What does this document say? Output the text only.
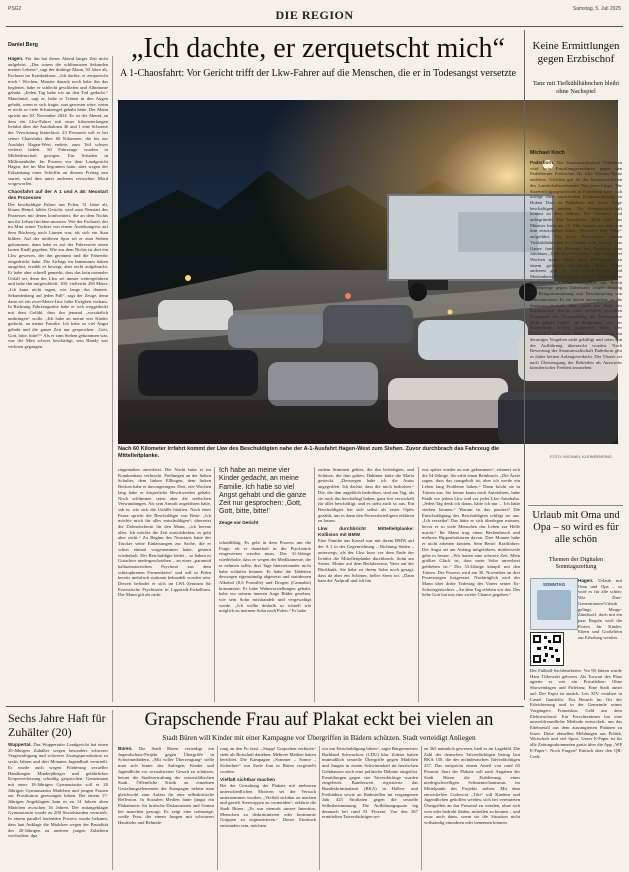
PSG2	DIE REGION	Samstag, 5. Juli 2025
Daniel Berg	„Ich dachte, er zerquetscht mich“
A 1-Chaosfahrt: Vor Gericht trifft der Lkw-Fahrer auf die Menschen, die er in Todesangst versetzte

Hagen. Für ihn hat dieser Abend langer Zeit nicht aufgehört. „Das waren die schlimmsten Sekunden meines Lebens“, sagt der drahtige Mann, 50 Jahre alt, Facharzt im Krankenhaus. „Ich dachte, er zerquetscht mich.“ Wochen, Monate danach noch habe ihn das begleitet, habe er schlecht geschlafen und Albträume gehabt. „Jeden Tag habe ich an den Tod gedacht.“ Manchmal, sagt er, habe er Tränen in den Augen gehabt, wenn er sich fragte, was gewesen wäre, wenn er nicht so viele Schutzengel gehabt hätte. Der Mann spricht am 30. November 2024. Es ist der Abend, an dem ein Lkw-Fahrer mit einer kilometerlangen Irrfahrt über die Autobahnen 46 und 1 eine Schneise der Verwüstung hinterlässt. 23 Personen soll er bei seiner Chaosfahrt über 60 Kilometer, die bis zur Ausfahrt Hagen-West endete, zum Teil schwer verletzt haben. 50 Fahrzeuge wurden in Mitleidenschaft gezogen. Ein Schaden in Millionenhöhe. Im Prozess vor dem Landgericht Hagen, der im Mai begonnen hatte, aber wegen der Erkrankung einer Schöffin an diesem Freitag neu startet, wird ihm unter anderem versuchter Mord vorgeworfen.

Chaosfahrt auf der A 1 und A 46: Neustart des Prozesses

Der beschuldigte Fahrer aus Polen, 31 Jahre alt, blaues Hemd, fahles Gesicht, wird zum Neustart des Prozesses mit denen konfrontiert, die an dem Nichts um ihr Leben fürchten mussten. Wie der Facharzt, der im Mini seiner Tochter von einem Ärztekongress auf dem Rückweg nach Linnen war, als sich ein Stau bildete. Auf der mittleren Spur sei er zum Stehen gekommen, dann habe es auf der Fahrerseite einen lauten Knall gegeben. Wie aus dem Nichts ist dort ein Lkw gewesen, der ihn gerammt und die Fahrertür eingedrückt habe. Die Airbags im Innenraum hätten ausgelöst, erzählt er bewegt, aber nicht aufgebracht. Er habe aber schnell gemerkt, dass das kein normaler Unfall sei, denn der Lkw sei immer weitergefahren und habe ihn mitgeschleift, 100, vielleicht 200 Meter. „Ich kann nicht sagen, wie lange das dauerte. Sekundenlang auf jeden Fall“, sagt der Zeuge, denn dann sei ein zwei-Meter-Lkw höhe Ewigkeit vorkam. In Richtung Fahrzeugmitte habe er sich weggeduckt mit dem Gefühl, dass ihn jemand „vorsätzlich umbringen“ wolle. „Ich habe an meine vier Kinder gedacht, an meine Familie. Ich habe so viel Angst gehabt und die ganze Zeit nur gesprochen: ‚Gott, Gott, bitte, bitte!‘“ Als er zum Stehen gekommen war, war der Mini schwer beschädigt, sein Handy war verloren gegangen.

Nach 60 Kilometer Irrfahrt kommt der Lkw des Beschuldigten nahe der A-1-Ausfahrt Hagen-West zum Stehen. Zuvor durchbrach das Fahrzeug die Mittelleitplanke.	FOTO: MICHAEL KLEINRENSING
ringemaßen unverletzt. Die Nacht habe er im Krankenhaus verbracht. Prellungen an der linken Schulter, dem linken Ellbogen, dem linken Becken habe er davongetragen. Drei, vier Wochen lang habe er körperliche Beschwerden gehabt. Noch schlimmer seien aber die seelischen Verwundungen. Als sein Anwalt angefahren hatte, sah er, wie sich die Unfälle häuften. Nach einer Pause spricht der Beschuldigte von Reue: „Ich möchte mich für alles entschuldigen“, übersetzt die Dolmetscherin für den Mann, „ich bereue alles. Ich möchte die Zeit zurückdrehen, es geht aber nicht.“ Zu Beginn des Neustarts hatte der Trucker seine Einlassungen zur Sache, die er schon einmal vorgenommen hatte, gestern wiederholt. Der Beschuldigte leidet – so haben es Gutachter niedergeschrieben – an einer „paranoid halluzinatorischen Psychose aus dem schizophrenen Formenkreis“ und soll in Polen bereits mehrfach stationär behandelt worden sein. Derzeit befindet er sich im LWL-Zentrum für Forensische Psychiatrie in Lippstadt-Eickelborn. Der Mann gilt als nicht
Ich habe an meine vier Kinder gedacht, an meine Familie. Ich habe so viel Angst gehabt und die ganze Zeit nur gesprochen: ‚Gott, Gott, bitte, bitte!‘
Zeuge vor Gericht
schuldfähig. Es geht in dem Prozess um die Frage, ob er dauerhaft in die Psychiatrie eingewiesen werden muss. Der 31-Jährige wiederholte, dass er wegen der Medikamente, die er nehmen sollte, drei Tage hintereinander nicht habe schlafen können. Er habe die Tabletten deswegen eigenständig abgesetzt und stattdessen Alkohol (0,6 Promille) und Drogen (Cannabis) konsumiert. Er habe Wahnvorstellungen gehabt, habe vor seinem inneren Auge Bilder gesehen, wie sein Sohn misshandelt und vergewaltigt werde. „Ich wollte deshalb so schnell wie möglich zu meinem Sohn nach Polen.“ Er habe

zudem Stimmen gehört, die ihn beleidigten, und Schüsse, die ihm galten. Dahinter hätte die Mafia gesteckt. „Deswegen habe ich die Autos angegriffen. Ich dachte, dass die mich bedrohen.“ Die, die ihm angeblich bedrohten, sind am Tag, als sie noch ihn beschäftigt haben, ganz frei verwickelt für alles beschäftigt, und es sieht auch so aus. Ein Beschuldigter hat sich selbst als erster Opfer gezählt, um es dann den Prozessbeteiligten erklären zu lassen.

Lkw durchbricht Mittelleitplanke: Kollision mit BMW

Eine Familie aus Kassel war mit ihrem BMW auf der A 1 in der Gegenrichtung – Richtung Süden – unterwegs, als der Lkw kurz vor dem Ende der Irrfahrt die Mittelleitplanke durchbrach. Sohn am Steuer, Mutter auf dem Beifahrersitz, Vater auf der Rückbank. Sie habe zu ihrem Sohn noch gesagt, dass da aber ein Schöner, heller Stern sei. „Dann kam der Aufprall und ich bin

erst später wieder zu mir gekommen“, erinnert sich die 54-Jährige. Sie erlitt einen Beinbruch. „Die Ärzte sagen, dass das rausgeholt ist, aber ich werde ein Leben lang Probleme haben.“ Dann bricht sie in Tränen aus: Sie könne kaum noch Autofahren, habe Panik vor jedem Lkw und vor jeder Lkw-Autobahn. „Jeden Tag denk ich daran, hätte ich nur ... Ich hätte sterben können.“ Warum ist das passiert? Die Entschuldigung des Beschuldigten schlägt sie aus. „Ich verzeihe! Das hätte er sich überlegen müssen, bevor er so viele Menschen das Leben zur Hölle macht.“ Ihr Mann trug einen Beckenbruch und mehrere Rippenfrakturen davon. Drei Monate habe er nicht arbeiten können. Sein Beruf: Kraftfahrer. Die Angst sei am Anfang mitgefahren, mittlerweile gehe es besser. „Wir hatten eine schwere Zeit. Mein größtes Glück ist, dass mein Sohn unverletzt geblieben ist.“ Der 53-Jährige kämpft mit den Tränen. Der Prozess wird am 30. November an drei Prozesstagen fortgesetzt. Nachträglich wird der Mann über dritte Todestag des Vaters seiner Ex-Schwiegertochter. „An dem Tag erleben wir das. Der liebe Gott hat uns eine zweite Chance gegeben.“
Keine Ermittlungen gegen Erzbischof
Tanz mit Tiefkühlhähnchen bleibt ohne Nachspiel
Michael Koch

Paderborn. Die Staatsanwaltschaft Paderborn wird kein Ermittlungsverfahren gegen den Paderborner Erzbischof Dr. Udo Markus Bentz einleiten. Gleiches gilt für die Verantwortlichen des Landschaftsverbandes Westfalen-Lippe. Die Strafverfolgungsbehörde in Paderborn hatte sich infolge einer umstrittenen Kulturdarbietung im Hohen Dom zu Paderborn mit dieser Frage beschäftigen müssen. Die Staatsanwaltschaft kommt zu dem Schluss: Die Vorwürfe sind unbegründet. Das Tanztheater „Body Talk“ aus Münster hatte am 15. Mai Szenen aus dem von ihm entwickelten Stück „Westfalen Side Story“ aufgeführt. Bei dieser Performance kamen Tiefkühlhähnchen in Windeln zum Einsatz. Das Ganze fand im Rahmen des Festaktes zum Jubiläum „1250 Jahre Westfalen“ statt. Etwa zwei Wochen später führte diese Performance zu einem größeren öffentlichen Echo. Unter anderem gab es eine Online-Petition und Medienberichterstattungen. Am 30. Mai erstattete Rechtsanwalt Gunnar Schupelius aus Berlin Strafanzeige gegen Unbekannt wegen Störung der Religionsausübung und Beschimpfung von Bekenntnissen. Es sei davon auszugehen, so die Staatsanwaltschaft, dass „auch aus Sicht der Katholischen Kirche vom rechtlich geprüften Programm der Veranstaltung die Performance nicht gehabt habe“, ein Programm, das der Katholische Kirche vorbereitet habe. Der Erzbischof und seine Mitarbeitenden hätten ein derartiges Vorgehen nicht gebilligt und seien von der Aufführung überrascht worden. Nach Bewertung der Staatsanwaltschaft Paderborn gibt es daher keinen Anfangsverdacht. Der Tänzer sei nach Überzeugung der Behörden als Auswuchs künstlerischer Freiheit anzusehen.

Urlaub mit Oma und Opa – so wird es für alle schön
Themen der Digitalen Sonntagszeitung
SONNTAG

Hagen. Urlaub mit Oma und Opa – so wird es für alle schön: Wie Drei-Generationen-Urlaub gelingt. Merge-Zündstoff, doch mit ein paar Regeln wird die Ferien für Kinder, Eltern und Großeltern zur Erholung werden.

Der Fußball-Sachbearbeiter: Vor 90 Jahren wurde Hans Tilkowski geboren. Als Torwart des Platz agierte er wie ein Privatleben: Ohne Showeinlagen und Firlefanz. Eine Stadt atmet auf: Der Papst ist zurück. Leo XIV. residiert in Castel Gandolfo. Ein Besuch im Ort der Erleichterung und in der Gemeinde seines Vorgängers Franziskus. Geld aus dem Elektroschrott: Ein Forschernteam hat eine umweltfreundliche Methode entwickelt, um das Edelmetall aus dem ausrangierten Platinen zu lösen. Diese aktuellen Meldungen aus Politik, Wirtschaft und viel Sport. Unser E-Paper ist für alle Zeitungsabonnenten gratis über die App „WP E-Paper“. Noch Fragen? Einfach über den QR-Code.
Sechs Jahre Haft für Zuhälter (20)

Wuppertal. Das Wuppertaler Landgericht hat einen 20-Jährigen Zuhälter wegen besonders schwerer Vergewaltigung und schwerer Zwangsprostitution zu sechs Jahren und drei Monaten Jugendhaft verurteilt. Er wurde auch wegen Förderung sexueller Handlungen Minderjähriger und gefährlicher Körperverletzung schuldig gesprochen. Gemeinsam mit einer 18-Jährigen Gymnasiastin soll er 20 Jährigen Gymnasiastin Mädchen und jungen Frauen zur Prostitution gezwungen haben. Bei einem 17-Jährigen Angeklagten kam es zu 14 Jahren alten Mädchen zwischen 16 Jahren. Der mitangeklagte Gymnasiastin wurde zu 200 Sozialstunden verurteilt. In einem parallel laufenden Prozess wurde bekannt, dass laut Anklage die Mädchen wegen der Brutalität des 20-Jährigen zu anderen jungen Zuhältern wechselten. dpa

Grapschende Frau auf Plakat eckt bei vielen an
Stadt Büren will Kinder mit einer Kampagne vor Übergriffen in Bädern schützen. Stadt verteidigt Anliegen

Büren. Die Stadt Büren verteidigt ein Jugendschutz-Projekt gegen Übergriffe in Schwimmbädern. „Mit voller Überzeugung“ stelle man sich hinter das Anliegen, Kinder und Jugendliche vor sexualisierter Gewalt zu schützen, betont die Stadtverwaltung der ostwestfälischen Stadt. Öffentliche Kritik an einzelnen Gestaltungselementen der Kampagne nehme man gleichwohl zum Anlass für eine selbstkritische Reflexion. In Sozialen Medien hatte jüngst ein Plakatmotiv für kritische Diskussionen und Unmut bei manchen gesorgt. Es zeigt eine rothaarige, weiße Frau, die einem Jungen mit schwarzer Hautfarbe und Behinde-

rung an den Po fasst. „Stopp! Grapschen verboten“ steht als Botschaft daneben. Mehrere Medien hatten berichtet. Die Kampagne „Sommer – Sonne – Sicherheit“ war Ende Juni in Büren vorgestellt worden.

Vielfalt sichtbar machen

Bei der Gestaltung der Plakate mit mehreren unterschiedlichen Motiven sei der Versuch unternommen worden, „Vielfalt sichtbar zu machen und gezielt Stereotypen zu vermeiden“, erklärte die Stadt Büren. „Es war niemals unsere Intention, Menschen zu diskriminieren oder bestimmte Gruppen zu stigmatisieren.“ Dieser Eindruck entstanden sein, möchten

wir um Entschuldigung bitten“, sagte Bürgermeister Burkhard Schwuchow (CDU) klar. Zuletzt hatten mutmaßlich sexuelle Übergriffe gegen Mädchen und Jungen in einem Schwimmbad im hessischen Gelnhausen auch eine politische Debatte ausgelöst. Ermittlungen gegen vier Tatverdächtige wurden eingeleitet. Bundesweit registrierte das Bundeskriminalamt (BKA) in Hallen- und Freibädern sowie an Badestellen im vergangenen Jahr 423 Straftaten gegen die sexuelle Selbstbestimmung. Die Aufklärungsquote lag demnach bei rund 81 Prozent. Von den 367 ermittelten Tatverdächtigen sei-
en 365 männlich gewesen, hieß es im Lagebild. Die Zahl der deutschen Tatverdächtigen betrug laut BKA 150, die der nichtdeutschen Tatverdächtigen 237. Das entspricht einem Anteil von rund 65 Prozent. Start der Plakate soll nach Angaben der Stadt Büren die Etablierung eines niedrigschwelligen Schutzmechanismus im Mittelpunkt des Projekts stehen: Mit dem entwickelten Codewort „Tiki“ soll Kindern und Jugendlichen geholfen werden, sich bei vermuteten Übergriffen an das Personal zu wenden, ohne sich weit oder bedroht fühlen, mitteilen zu können – und zwar auch dann, wenn sie die Situation nicht vollständig einordnen oder benennen können.
